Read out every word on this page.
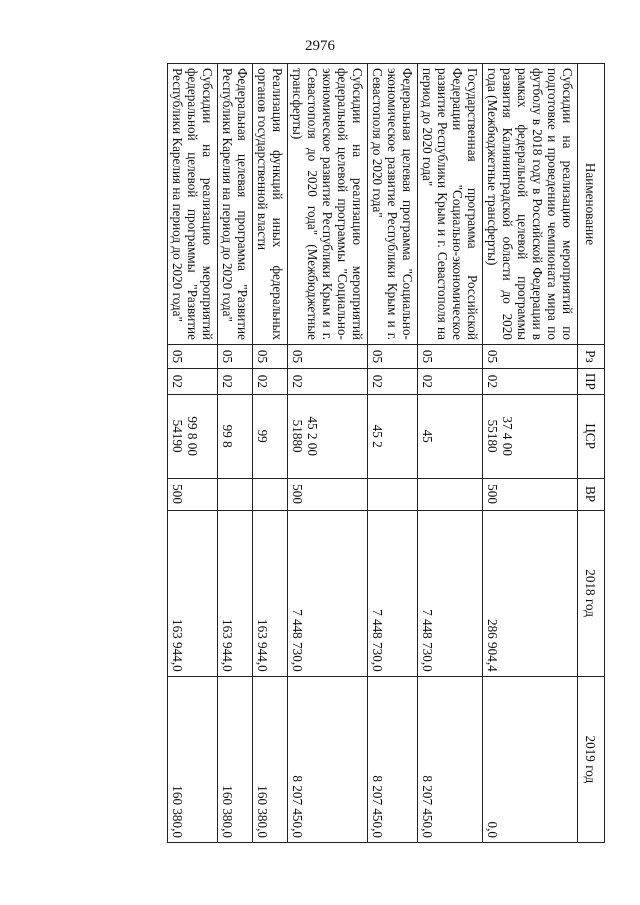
2976
Наименование	Рз	ПР	ЦСР	ВР	2018 год	2019 год
Субсидии на реализацию мероприятий по подготовке и проведению чемпионата мира по футболу в 2018 году в Российской Федерации в рамках федеральной целевой программы развития Калининградской области до 2020 года (Межбюджетные трансферты)	05	02	37 4 00 55180	500	286 904,4	0,0
Государственная программа Российской Федерации "Социально-экономическое развитие Республики Крым и г. Севастополя на период до 2020 года"	05	02	45		7 448 730,0	8 207 450,0
Федеральная целевая программа "Социально-экономическое развитие Республики Крым и г. Севастополя до 2020 года"	05	02	45 2		7 448 730,0	8 207 450,0
Субсидии на реализацию мероприятий федеральной целевой программы "Социально-экономическое развитие Республики Крым и г. Севастополя до 2020 года" (Межбюджетные трансферты)	05	02	45 2 00 51880	500	7 448 730,0	8 207 450,0
Реализация функций иных федеральных органов государственной власти	05	02	99		163 944,0	160 380,0
Федеральная целевая программа "Развитие Республики Карелия на период до 2020 года"	05	02	99 8		163 944,0	160 380,0
Субсидии на реализацию мероприятий федеральной целевой программы "Развитие Республики Карелия на период до 2020 года"	05	02	99 8 00 54190	500	163 944,0	160 380,0
